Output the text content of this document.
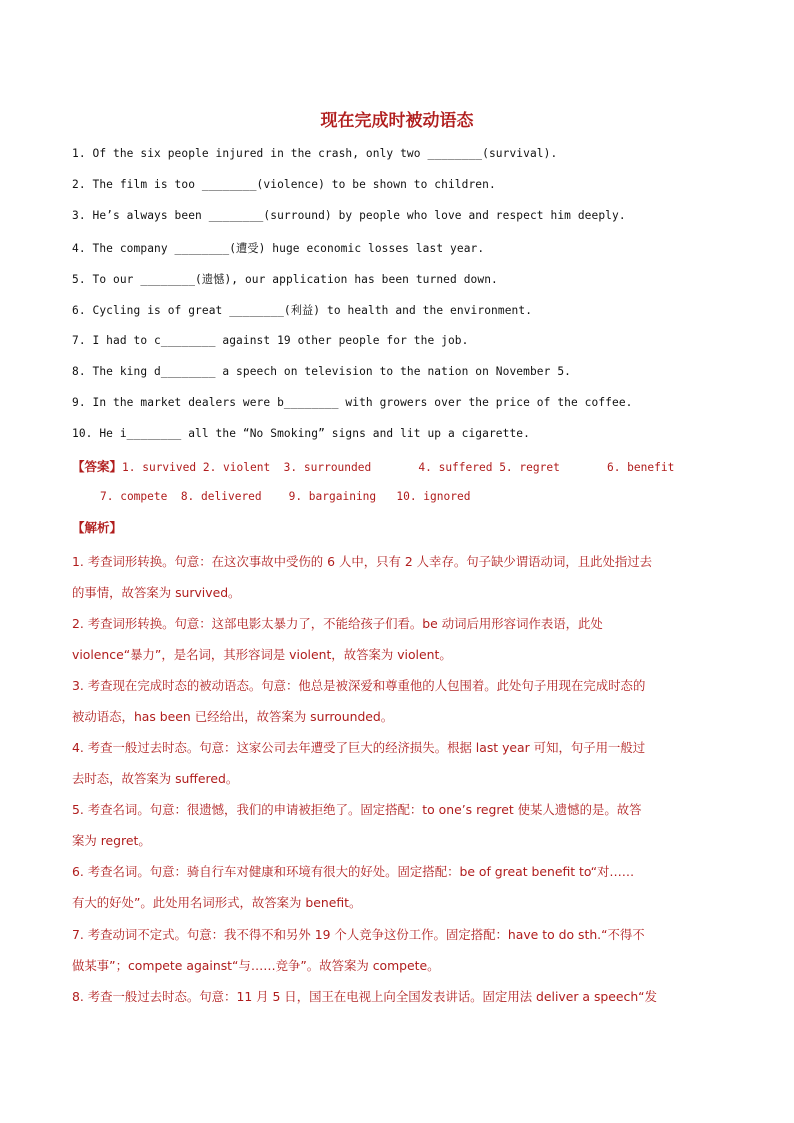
现在完成时被动语态
1. Of the six people injured in the crash, only two ________(survival).
2. The film is too ________(violence) to be shown to children.
3. He’s always been ________(surround) by people who love and respect him deeply.
4. The company ________(遭受) huge economic losses last year.
5. To our ________(遗憾), our application has been turned down.
6. Cycling is of great ________(利益) to health and the environment.
7. I had to c________ against 19 other people for the job.
8. The king d________ a speech on television to the nation on November 5.
9. In the market dealers were b________ with growers over the price of the coffee.
10. He i________ all the “No Smoking” signs and lit up a cigarette.
【答案】1. survived 2. violent  3. surrounded       4. suffered 5. regret       6. benefit
7. compete  8. delivered    9. bargaining   10. ignored
【解析】
1. 考查词形转换。句意：在这次事故中受伤的 6 人中，只有 2 人幸存。句子缺少谓语动词，且此处指过去
的事情，故答案为 survived。
2. 考查词形转换。句意：这部电影太暴力了，不能给孩子们看。be 动词后用形容词作表语，此处
violence“暴力”，是名词，其形容词是 violent，故答案为 violent。
3. 考查现在完成时态的被动语态。句意：他总是被深爱和尊重他的人包围着。此处句子用现在完成时态的
被动语态，has been 已经给出，故答案为 surrounded。
4. 考查一般过去时态。句意：这家公司去年遭受了巨大的经济损失。根据 last year 可知，句子用一般过
去时态，故答案为 suffered。
5. 考查名词。句意：很遗憾，我们的申请被拒绝了。固定搭配：to one’s regret 使某人遗憾的是。故答
案为 regret。
6. 考查名词。句意：骑自行车对健康和环境有很大的好处。固定搭配：be of great benefit to“对……
有大的好处”。此处用名词形式，故答案为 benefit。
7. 考查动词不定式。句意：我不得不和另外 19 个人竞争这份工作。固定搭配：have to do sth.“不得不
做某事”；compete against“与……竞争”。故答案为 compete。
8. 考查一般过去时态。句意：11 月 5 日，国王在电视上向全国发表讲话。固定用法 deliver a speech“发
